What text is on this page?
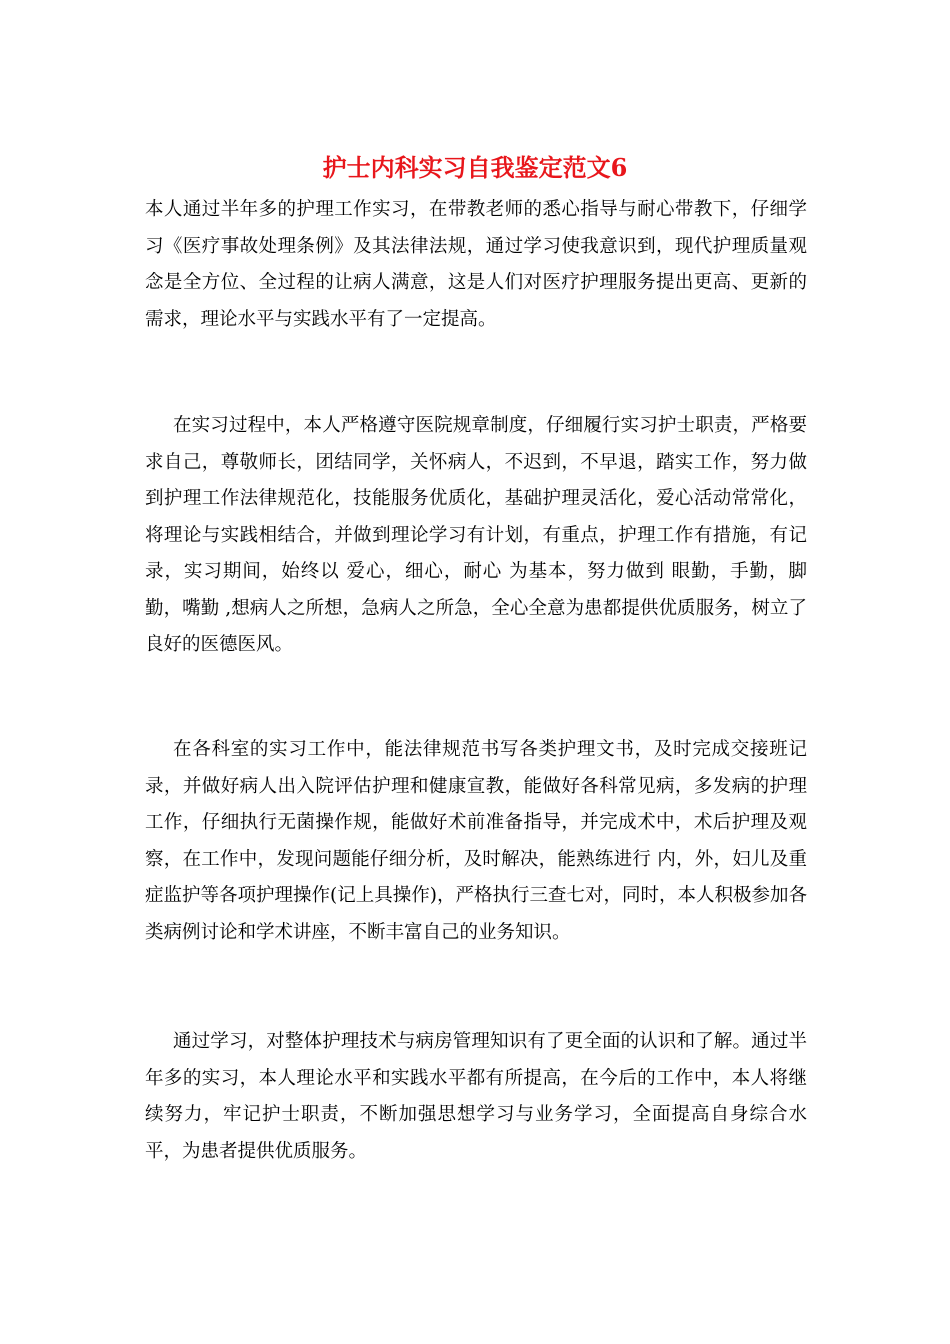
护士内科实习自我鉴定范文6

本人通过半年多的护理工作实习，在带教老师的悉心指导与耐心带教下，仔细学习《医疗事故处理条例》及其法律法规，通过学习使我意识到，现代护理质量观念是全方位、全过程的让病人满意，这是人们对医疗护理服务提出更高、更新的需求，理论水平与实践水平有了一定提高。

在实习过程中，本人严格遵守医院规章制度，仔细履行实习护士职责，严格要求自己，尊敬师长，团结同学，关怀病人，不迟到，不早退，踏实工作，努力做到护理工作法律规范化，技能服务优质化，基础护理灵活化，爱心活动常常化，将理论与实践相结合，并做到理论学习有计划，有重点，护理工作有措施，有记录，实习期间，始终以 爱心，细心，耐心 为基本，努力做到 眼勤，手勤，脚勤，嘴勤 ,想病人之所想，急病人之所急，全心全意为患都提供优质服务，树立了良好的医德医风。

在各科室的实习工作中，能法律规范书写各类护理文书，及时完成交接班记录，并做好病人出入院评估护理和健康宣教，能做好各科常见病，多发病的护理工作，仔细执行无菌操作规，能做好术前准备指导，并完成术中，术后护理及观察，在工作中，发现问题能仔细分析，及时解决，能熟练进行 内，外，妇儿及重症监护等各项护理操作(记上具操作)，严格执行三查七对，同时，本人积极参加各类病例讨论和学术讲座，不断丰富自己的业务知识。

通过学习，对整体护理技术与病房管理知识有了更全面的认识和了解。通过半年多的实习，本人理论水平和实践水平都有所提高，在今后的工作中，本人将继续努力，牢记护士职责，不断加强思想学习与业务学习，全面提高自身综合水平，为患者提供优质服务。
